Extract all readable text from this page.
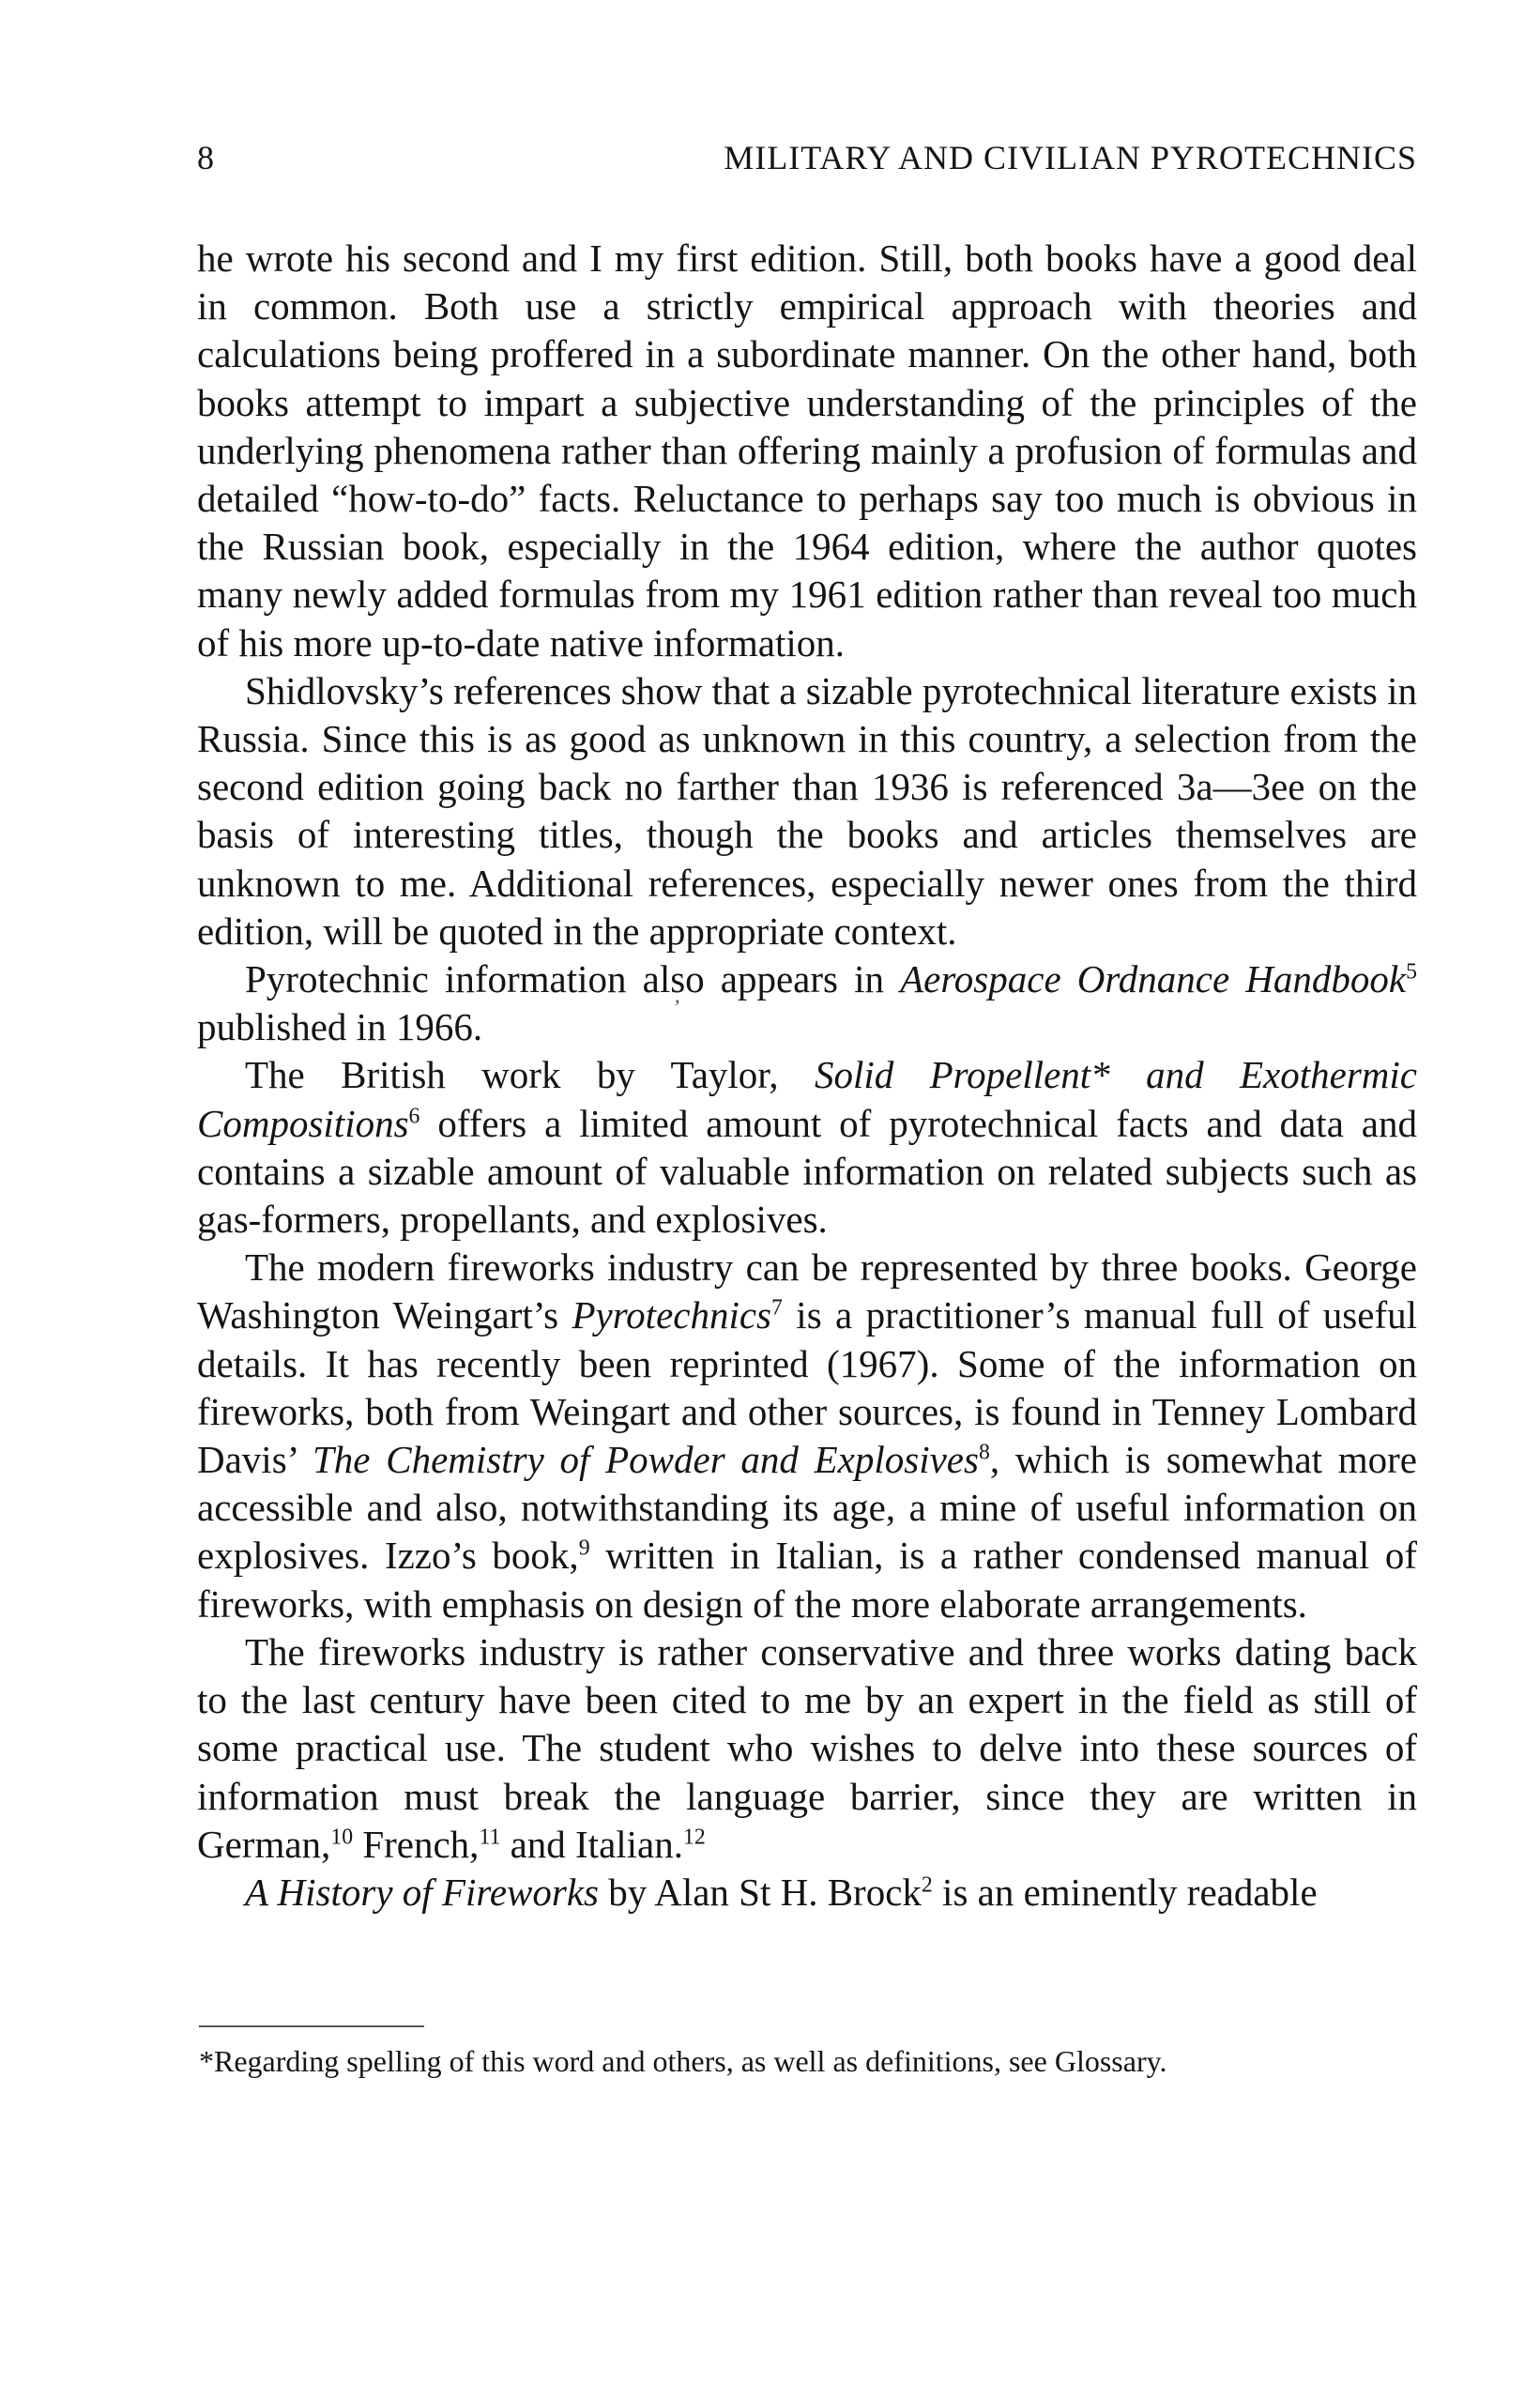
8	MILITARY AND CIVILIAN PYROTECHNICS

he wrote his second and I my first edition. Still, both books have a good deal in common. Both use a strictly empirical approach with theories and calculations being proffered in a subordinate manner. On the other hand, both books attempt to impart a subjective understanding of the principles of the underlying phenomena rather than offering mainly a profusion of formulas and detailed “how-to-do” facts. Re​luctance to perhaps say too much is obvious in the Russian book, especially in the 1964 edition, where the author quotes many newly added formulas from my 1961 edition rather than reveal too much of his more up-to-date native information.

Shidlovsky’s references show that a sizable pyrotechnical literature exists in Russia. Since this is as good as unknown in this country, a selection from the second edition going back no farther than 1936 is referenced 3a—3ee on the basis of interesting titles, though the books and articles themselves are unknown to me. Additional references, especially newer ones from the third edition, will be quoted in the appropriate context.

Pyrotechnic information also appears in Aerospace Ordnance Handbook$^5$ published in 1966.

The British work by Taylor, Solid Propellent* and Exothermic Compositions$^6$ offers a limited amount of pyrotechnical facts and data and contains a sizable amount of valuable information on related subjects such as gas-formers, propellants, and explosives.

The modern fireworks industry can be represented by three books. George Washington Weingart’s Pyrotechnics$^7$ is a practitioner’s manual full of useful details. It has recently been reprinted (1967). Some of the information on fireworks, both from Weingart and other sources, is found in Tenney Lombard Davis’ The Chemistry of Powder and Explosives$^8$, which is somewhat more accessible and also, notwithstanding its age, a mine of useful information on explosives. Izzo’s book,$^9$ written in Italian, is a rather condensed manual of fireworks, with emphasis on design of the more elaborate arrangements.

The fireworks industry is rather conservative and three works dating back to the last century have been cited to me by an expert in the field as still of some practical use. The student who wishes to delve into these sources of information must break the language barrier, since they are written in German,$^{10}$ French,$^{11}$ and Italian.$^{12}$

A History of Fireworks by Alan St H. Brock$^2$ is an eminently readable

’
*Regarding spelling of this word and others, as well as definitions, see Glossary.
